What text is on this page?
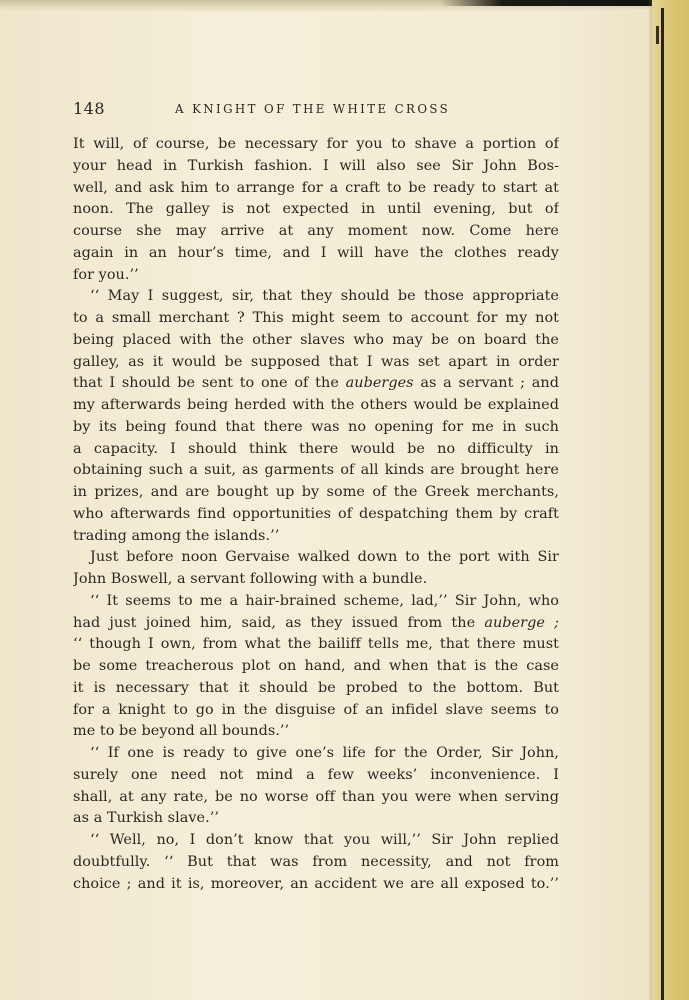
148	A KNIGHT OF THE WHITE CROSS
It will, of course, be necessary for you to shave a portion of
your head in Turkish fashion. I will also see Sir John Bos-
well, and ask him to arrange for a craft to be ready to start at
noon. The galley is not expected in until evening, but of
course she may arrive at any moment now. Come here
again in an hour’s time, and I will have the clothes ready
for you.’’
‘‘ May I suggest, sir, that they should be those appropriate
to a small merchant ? This might seem to account for my not
being placed with the other slaves who may be on board the
galley, as it would be supposed that I was set apart in order
that I should be sent to one of the auberges as a servant ; and
my afterwards being herded with the others would be explained
by its being found that there was no opening for me in such
a capacity. I should think there would be no difficulty in
obtaining such a suit, as garments of all kinds are brought here
in prizes, and are bought up by some of the Greek merchants,
who afterwards find opportunities of despatching them by craft
trading among the islands.’’
Just before noon Gervaise walked down to the port with Sir
John Boswell, a servant following with a bundle.
‘‘ It seems to me a hair-brained scheme, lad,’’ Sir John, who
had just joined him, said, as they issued from the auberge ;
‘‘ though I own, from what the bailiff tells me, that there must
be some treacherous plot on hand, and when that is the case
it is necessary that it should be probed to the bottom. But
for a knight to go in the disguise of an infidel slave seems to
me to be beyond all bounds.’’
‘‘ If one is ready to give one’s life for the Order, Sir John,
surely one need not mind a few weeks’ inconvenience. I
shall, at any rate, be no worse off than you were when serving
as a Turkish slave.’’
‘‘ Well, no, I don’t know that you will,’’ Sir John replied
doubtfully. ‘‘ But that was from necessity, and not from
choice ; and it is, moreover, an accident we are all exposed to.’’
